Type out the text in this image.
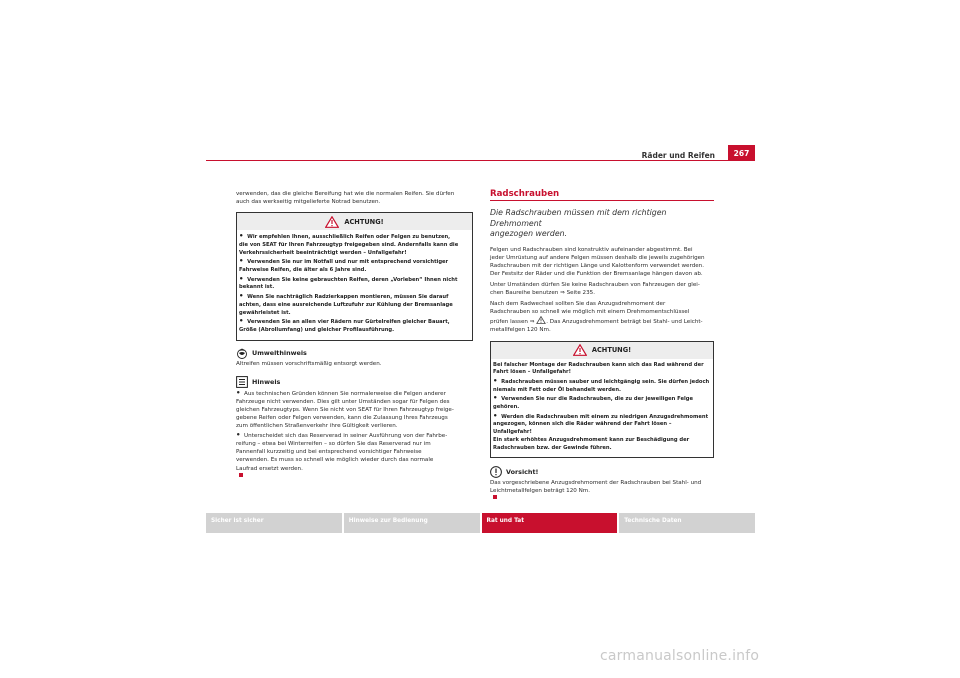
Räder und Reifen	267
verwenden, das die gleiche Bereifung hat wie die normalen Reifen. Sie dürfen
auch das werkseitig mitgelieferte Notrad benutzen.
ACHTUNG!
• Wir empfehlen Ihnen, ausschließlich Reifen oder Felgen zu benutzen,
die von SEAT für Ihren Fahrzeugtyp freigegeben sind. Andernfalls kann die
Verkehrssicherheit beeinträchtigt werden – Unfallgefahr!
• Verwenden Sie nur im Notfall und nur mit entsprechend vorsichtiger
Fahrweise Reifen, die älter als 6 Jahre sind.
• Verwenden Sie keine gebrauchten Reifen, deren „Vorleben“ Ihnen nicht
bekannt ist.
• Wenn Sie nachträglich Radzierkappen montieren, müssen Sie darauf
achten, dass eine ausreichende Luftzufuhr zur Kühlung der Bremsanlage
gewährleistet ist.
• Verwenden Sie an allen vier Rädern nur Gürtelreifen gleicher Bauart,
Größe (Abrollumfang) und gleicher Profilausführung.
Umwelthinweis
Altreifen müssen vorschriftsmäßig entsorgt werden.
Hinweis
• Aus technischen Gründen können Sie normalerweise die Felgen anderer
Fahrzeuge nicht verwenden. Dies gilt unter Umständen sogar für Felgen des
gleichen Fahrzeugtyps. Wenn Sie nicht von SEAT für Ihren Fahrzeugtyp freige-
gebene Reifen oder Felgen verwenden, kann die Zulassung Ihres Fahrzeugs
zum öffentlichen Straßenverkehr ihre Gültigkeit verlieren.
• Unterscheidet sich das Reserverad in seiner Ausführung von der Fahrbe-
reifung – etwa bei Winterreifen – so dürfen Sie das Reserverad nur im
Pannenfall kurzzeitig und bei entsprechend vorsichtiger Fahrweise
verwenden. Es muss so schnell wie möglich wieder durch das normale
Laufrad ersetzt werden.
Radschrauben
Die Radschrauben müssen mit dem richtigen Drehmoment
angezogen werden.
Felgen und Radschrauben sind konstruktiv aufeinander abgestimmt. Bei
jeder Umrüstung auf andere Felgen müssen deshalb die jeweils zugehörigen
Radschrauben mit der richtigen Länge und Kalottenform verwendet werden.
Der Festsitz der Räder und die Funktion der Bremsanlage hängen davon ab.
Unter Umständen dürfen Sie keine Radschrauben von Fahrzeugen der glei-
chen Baureihe benutzen ⇒ Seite 235.
Nach dem Radwechsel sollten Sie das Anzugsdrehmoment der
Radschrauben so schnell wie möglich mit einem Drehmomentschlüssel
prüfen lassen ⇒ . Das Anzugsdrehmoment beträgt bei Stahl- und Leicht-
metallfelgen 120 Nm.
ACHTUNG!
Bei falscher Montage der Radschrauben kann sich das Rad während der
Fahrt lösen – Unfallgefahr!
• Radschrauben müssen sauber und leichtgängig sein. Sie dürfen jedoch
niemals mit Fett oder Öl behandelt werden.
• Verwenden Sie nur die Radschrauben, die zu der jeweiligen Felge
gehören.
• Werden die Radschrauben mit einem zu niedrigen Anzugsdrehmoment
angezogen, können sich die Räder während der Fahrt lösen – Unfallgefahr!
Ein stark erhöhtes Anzugsdrehmoment kann zur Beschädigung der
Radschrauben bzw. der Gewinde führen.
Vorsicht!
Das vorgeschriebene Anzugsdrehmoment der Radschrauben bei Stahl- und
Leichtmetallfelgen beträgt 120 Nm.
Sicher ist sicher	Hinweise zur Bedienung	Rat und Tat	Technische Daten
carmanualsonline.info
